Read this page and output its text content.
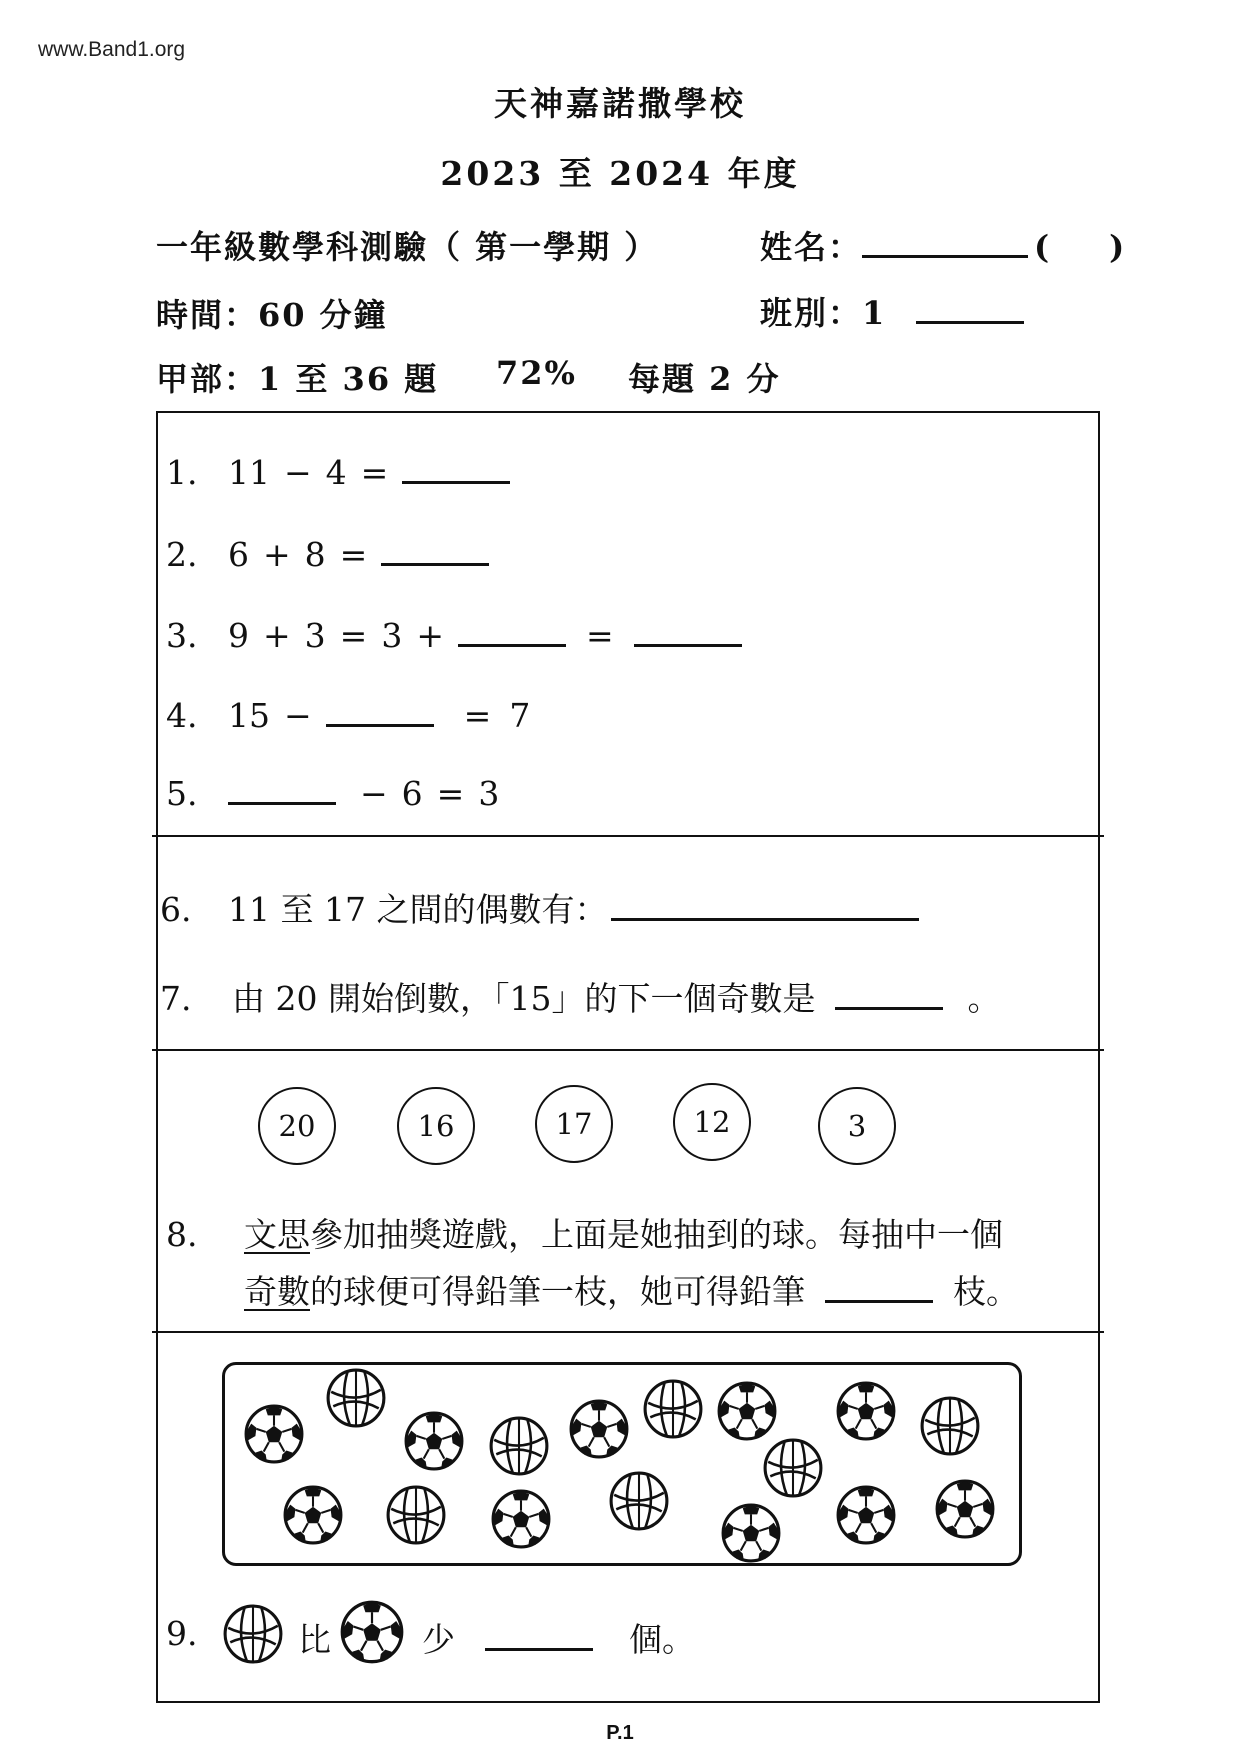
www.Band1.org
天神嘉諾撒學校
2023 至 2024 年度
一年級數學科測驗（ 第一學期 ）	姓名：	( )
時間：60 分鐘	班別：1
甲部：1 至 36 題 72% 每題 2 分
1. 11 − 4 =
2. 6 + 8 =
3. 9 + 3 = 3 +	=
4. 15 −	= 7
5.	− 6 = 3
6. 11 至 17 之間的偶數有：
7. 由 20 開始倒數，「15」的下一個奇數是	。
20	16	17	12	3
8. 文思參加抽獎遊戲，上面是她抽到的球。每抽中一個
奇數的球便可得鉛筆一枝，她可得鉛筆	枝。
9.	比	少	個。
P.1
